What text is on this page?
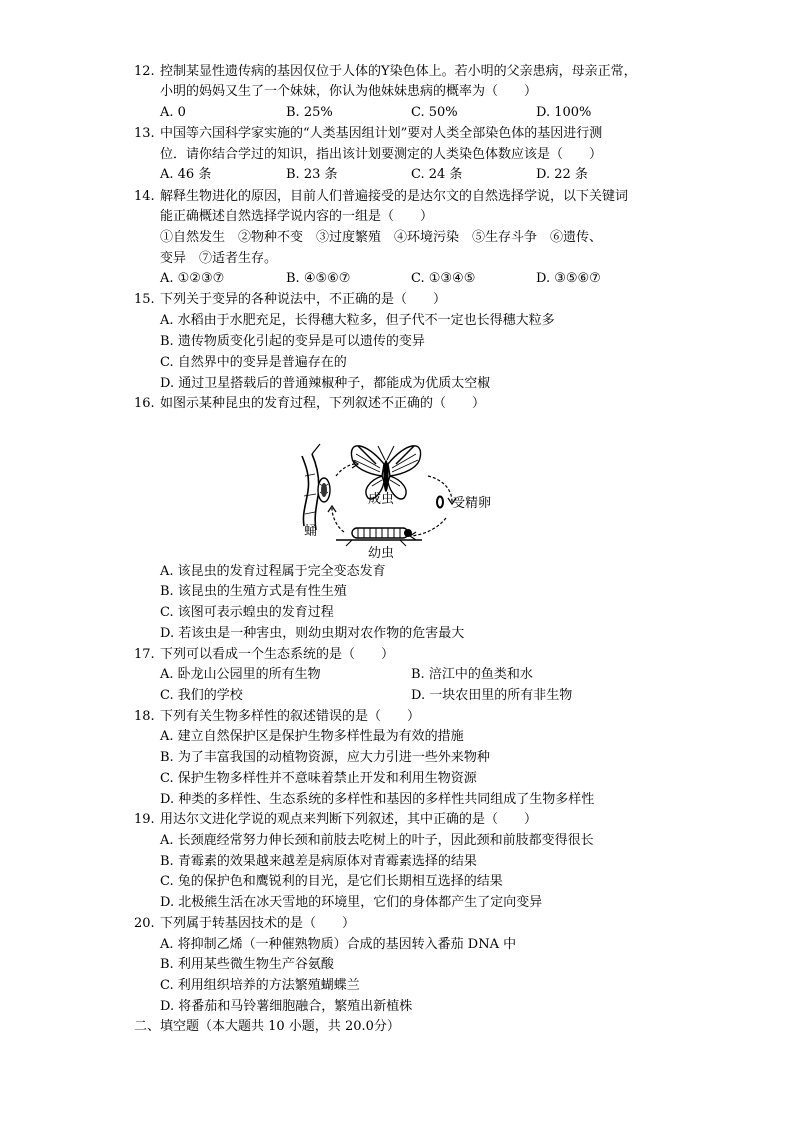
12. 控制某显性遗传病的基因仅位于人体的Y染色体上。若小明的父亲患病，母亲正常，
小明的妈妈又生了一个妹妹，你认为他妹妹患病的概率为（　　）
A. 0	B. 25%	C. 50%	D. 100%
13. 中国等六国科学家实施的“人类基因组计划”要对人类全部染色体的基因进行测
位．请你结合学过的知识，指出该计划要测定的人类染色体数应该是（　　）
A. 46 条	B. 23 条	C. 24 条	D. 22 条
14. 解释生物进化的原因，目前人们普遍接受的是达尔文的自然选择学说，以下关键词
能正确概述自然选择学说内容的一组是（　　）
①自然发生　②物种不变　③过度繁殖　④环境污染　⑤生存斗争　⑥遗传、
变异　⑦适者生存。
A. ①②③⑦	B. ④⑤⑥⑦	C. ①③④⑤	D. ③⑤⑥⑦
15. 下列关于变异的各种说法中，不正确的是（　　）
A. 水稻由于水肥充足，长得穗大粒多，但子代不一定也长得穗大粒多
B. 遗传物质变化引起的变异是可以遗传的变异
C. 自然界中的变异是普遍存在的
D. 通过卫星搭载后的普通辣椒种子，都能成为优质太空椒
16. 如图示某种昆虫的发育过程，下列叙述不正确的（　　）
成虫	受精卵
蛹
幼虫
A. 该昆虫的发育过程属于完全变态发育
B. 该昆虫的生殖方式是有性生殖
C. 该图可表示蝗虫的发育过程
D. 若该虫是一种害虫，则幼虫期对农作物的危害最大
17. 下列可以看成一个生态系统的是（　　）
A. 卧龙山公园里的所有生物	B. 涪江中的鱼类和水
C. 我们的学校	D. 一块农田里的所有非生物
18. 下列有关生物多样性的叙述错误的是（　　）
A. 建立自然保护区是保护生物多样性最为有效的措施
B. 为了丰富我国的动植物资源，应大力引进一些外来物种
C. 保护生物多样性并不意味着禁止开发和利用生物资源
D. 种类的多样性、生态系统的多样性和基因的多样性共同组成了生物多样性
19. 用达尔文进化学说的观点来判断下列叙述，其中正确的是（　　）
A. 长颈鹿经常努力伸长颈和前肢去吃树上的叶子，因此颈和前肢都变得很长
B. 青霉素的效果越来越差是病原体对青霉素选择的结果
C. 兔的保护色和鹰锐利的目光，是它们长期相互选择的结果
D. 北极熊生活在冰天雪地的环境里，它们的身体都产生了定向变异
20. 下列属于转基因技术的是（　　）
A. 将抑制乙烯（一种催熟物质）合成的基因转入番茄 DNA 中
B. 利用某些微生物生产谷氨酸
C. 利用组织培养的方法繁殖蝴蝶兰
D. 将番茄和马铃薯细胞融合，繁殖出新植株
二、填空题（本大题共 10 小题，共 20.0分）
